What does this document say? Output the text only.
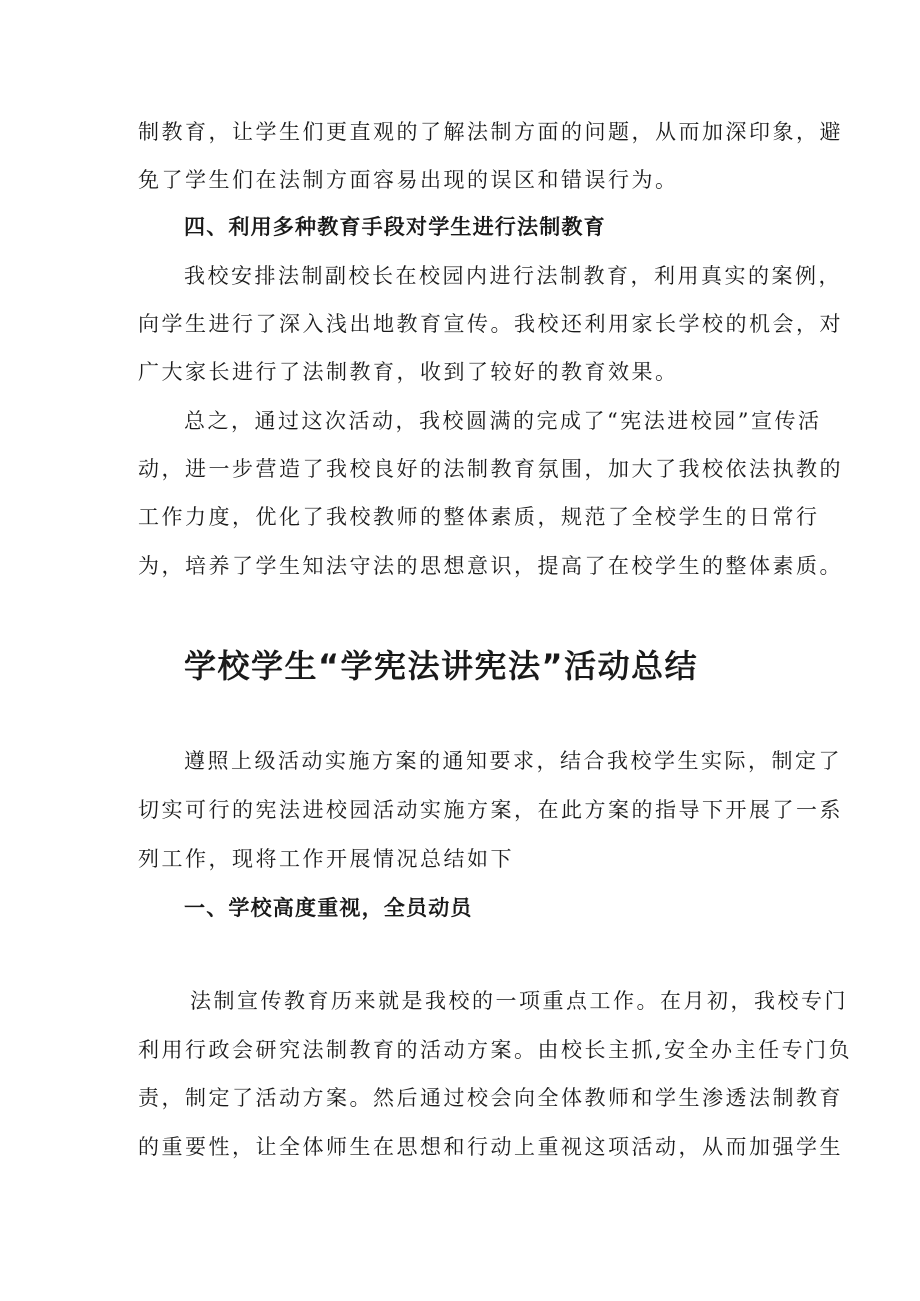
制教育，让学生们更直观的了解法制方面的问题，从而加深印象，避

免了学生们在法制方面容易出现的误区和错误行为。

四、利用多种教育手段对学生进行法制教育

我校安排法制副校长在校园内进行法制教育，利用真实的案例，

向学生进行了深入浅出地教育宣传。我校还利用家长学校的机会，对

广大家长进行了法制教育，收到了较好的教育效果。

总之，通过这次活动，我校圆满的完成了“宪法进校园”宣传活

动，进一步营造了我校良好的法制教育氛围，加大了我校依法执教的

工作力度，优化了我校教师的整体素质，规范了全校学生的日常行

为，培养了学生知法守法的思想意识，提高了在校学生的整体素质。

学校学生“学宪法讲宪法”活动总结

遵照上级活动实施方案的通知要求，结合我校学生实际，制定了

切实可行的宪法进校园活动实施方案，在此方案的指导下开展了一系

列工作，现将工作开展情况总结如下

一、学校高度重视，全员动员

法制宣传教育历来就是我校的一项重点工作。在月初，我校专门

利用行政会研究法制教育的活动方案。由校长主抓,安全办主任专门负

责，制定了活动方案。然后通过校会向全体教师和学生渗透法制教育

的重要性，让全体师生在思想和行动上重视这项活动，从而加强学生
